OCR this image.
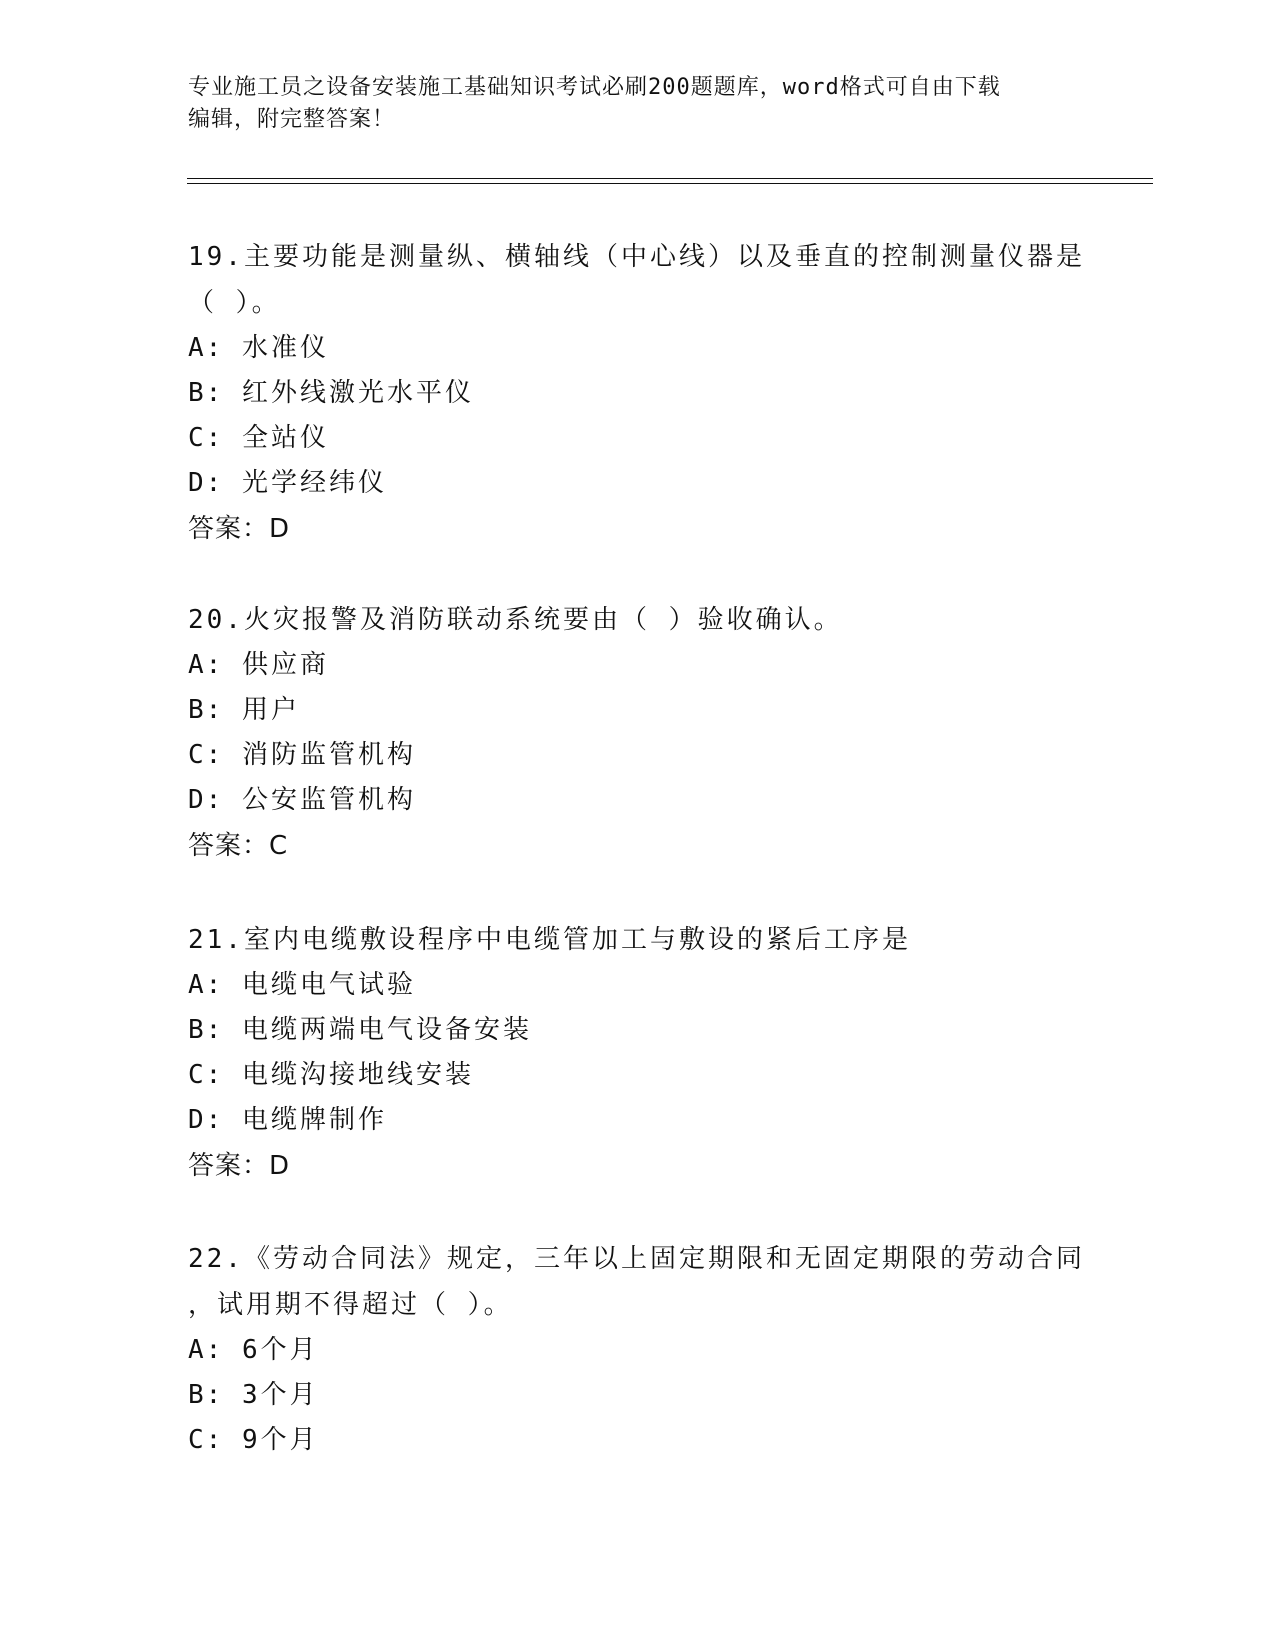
专业施工员之设备安装施工基础知识考试必刷200题题库，word格式可自由下载
编辑，附完整答案！
19.主要功能是测量纵、横轴线（中心线）以及垂直的控制测量仪器是
（ ）。
A: 水准仪
B: 红外线激光水平仪
C: 全站仪
D: 光学经纬仪
答案：D
20.火灾报警及消防联动系统要由（ ）验收确认。
A: 供应商
B: 用户
C: 消防监管机构
D: 公安监管机构
答案：C
21.室内电缆敷设程序中电缆管加工与敷设的紧后工序是
A: 电缆电气试验
B: 电缆两端电气设备安装
C: 电缆沟接地线安装
D: 电缆牌制作
答案：D
22.《劳动合同法》规定，三年以上固定期限和无固定期限的劳动合同
，试用期不得超过（ ）。
A: 6个月
B: 3个月
C: 9个月
